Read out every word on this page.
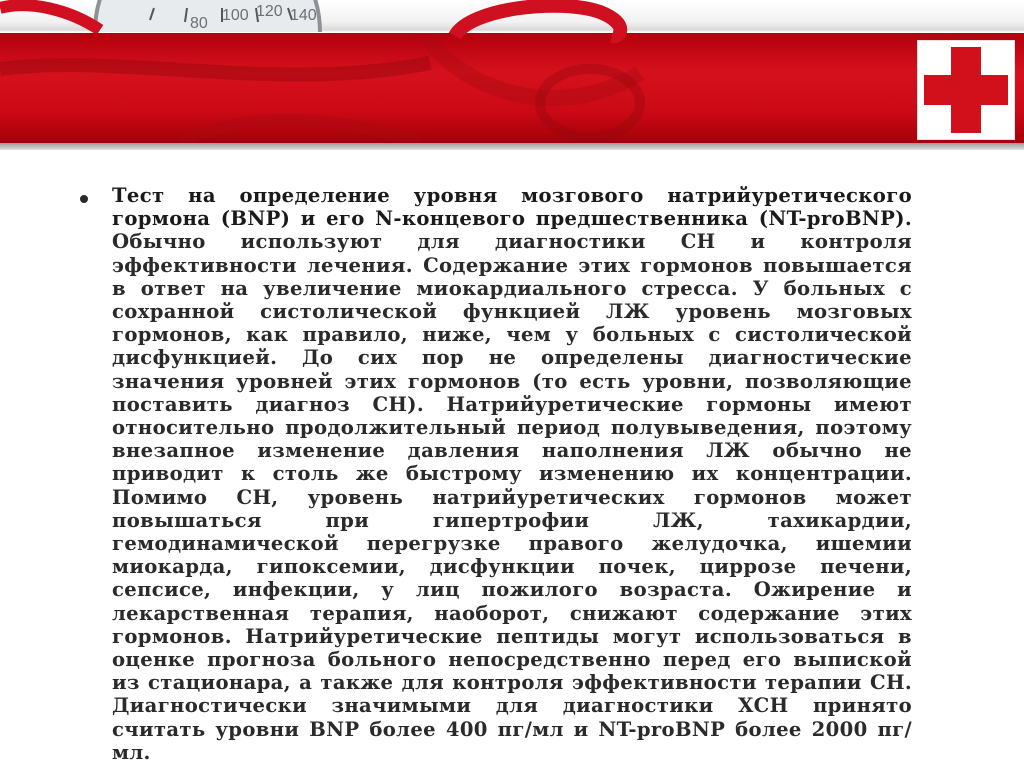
80 100 120 140

Тест на определение уровня мозгового натрийуретического гормона (BNP) и его N-концевого предшественника (NT-proBNP). Обычно используют для диагностики СН и контроля эффективности лечения. Содержание этих гормонов повышается в ответ на увеличение миокардиального стресса. У больных с сохранной систолической функцией ЛЖ уровень мозговых гормонов, как правило, ниже, чем у больных с систолической дисфункцией. До сих пор не определены диагностические значения уровней этих гормонов (то есть уровни, позволяющие поставить диагноз СН). Натрийуретические гормоны имеют относительно продолжительный период полувыведения, поэтому внезапное изменение давления наполнения ЛЖ обычно не приводит к столь же быстрому изменению их концентрации. Помимо СН, уровень натрийуретических гормонов может повышаться при гипертрофии ЛЖ, тахикардии, гемодинамической перегрузке правого желудочка, ишемии миокарда, гипоксемии, дисфункции почек, циррозе печени, сепсисе, инфекции, у лиц пожилого возраста. Ожирение и лекарственная терапия, наоборот, снижают содержание этих гормонов. Натрийуретические пептиды могут использоваться в оценке прогноза больного непосредственно перед его выпиской из стационара, а также для контроля эффективности терапии СН. Диагностически значимыми для диагностики ХСН принято считать уровни BNP более 400 пг/мл и NT-proBNP более 2000 пг/мл.
